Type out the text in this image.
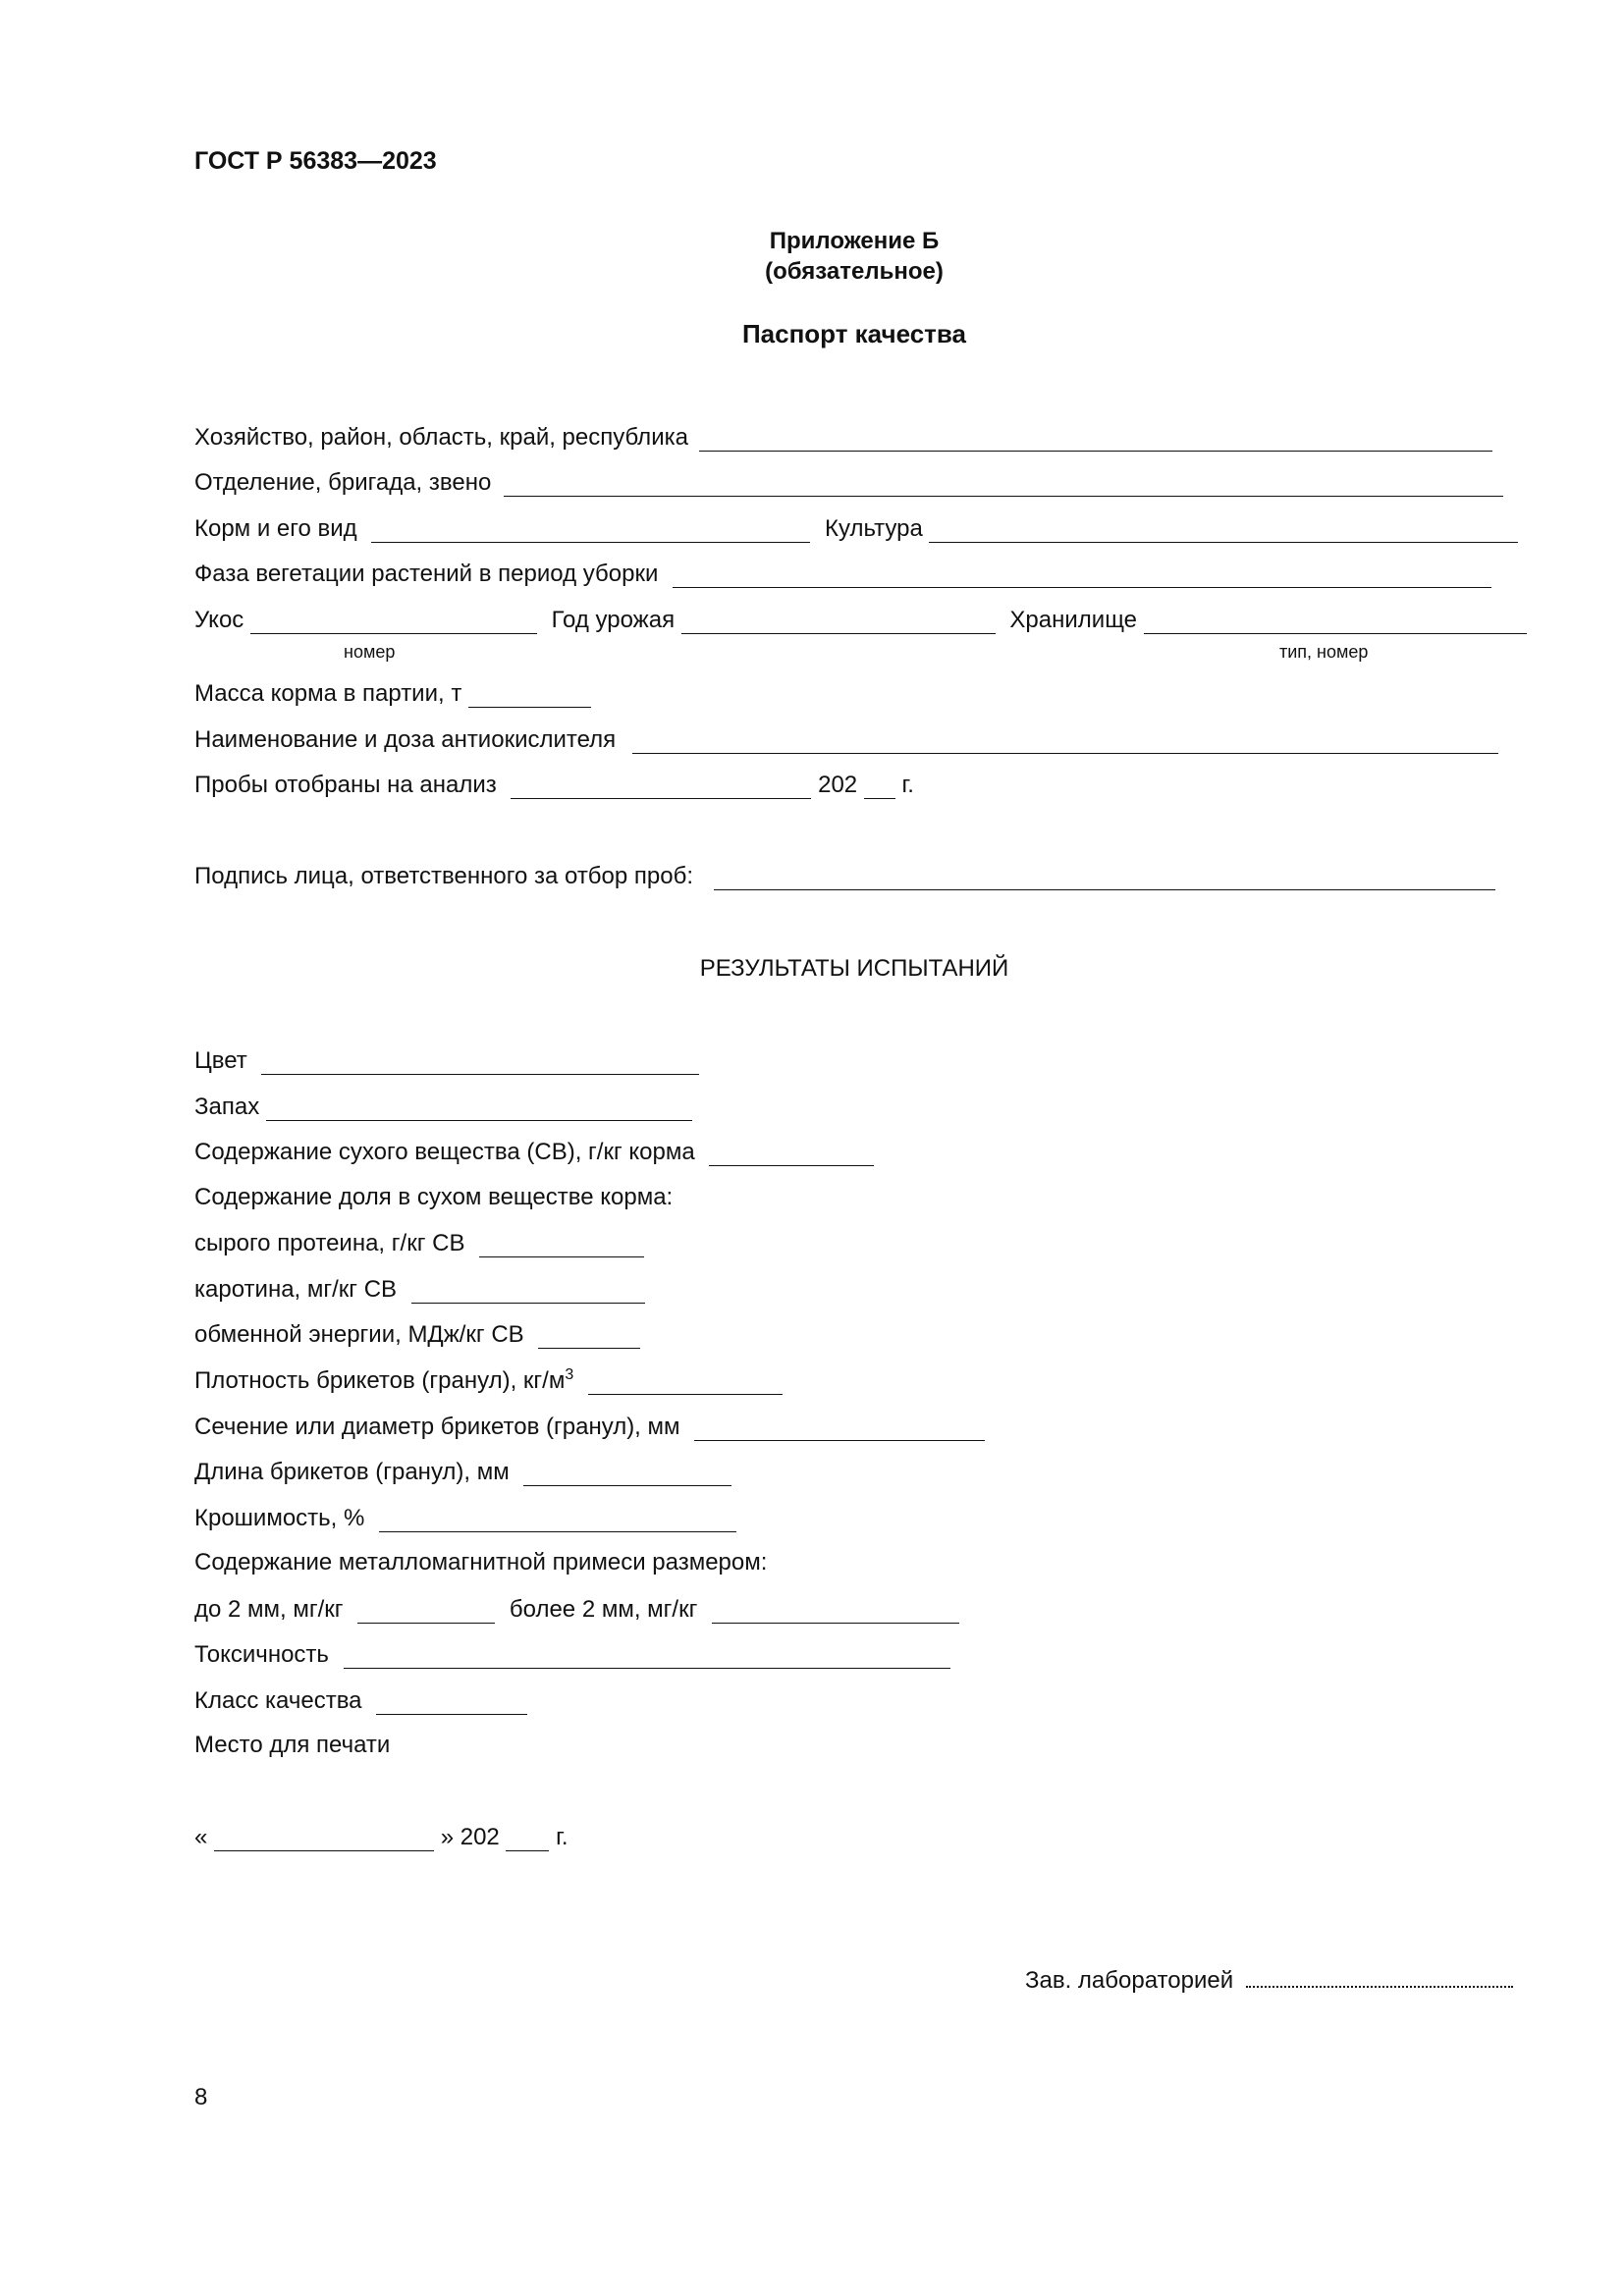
ГОСТ Р 56383—2023
Приложение Б
(обязательное)
Паспорт качества
Хозяйство, район, область, край, республика
Отделение, бригада, звено
Корм и его вид	Культура
Фаза вегетации растений в период уборки
Укос	Год урожая	Хранилище
номер	тип, номер
Масса корма в партии, т
Наименование и доза антиокислителя
Пробы отобраны на анализ	202 г.
Подпись лица, ответственного за отбор проб:
РЕЗУЛЬТАТЫ ИСПЫТАНИЙ
Цвет
Запах
Содержание сухого вещества (СВ), г/кг корма
Содержание доля в сухом веществе корма:
сырого протеина, г/кг СВ
каротина, мг/кг СВ
обменной энергии, МДж/кг СВ
Плотность брикетов (гранул), $кг/м^3$
Сечение или диаметр брикетов (гранул), мм
Длина брикетов (гранул), мм
Крошимость, %
Содержание металломагнитной примеси размером:
до 2 мм, мг/кг	более 2 мм, мг/кг
Токсичность
Класс качества
Место для печати
«	» 202 г.
Зав. лабораторией
8
